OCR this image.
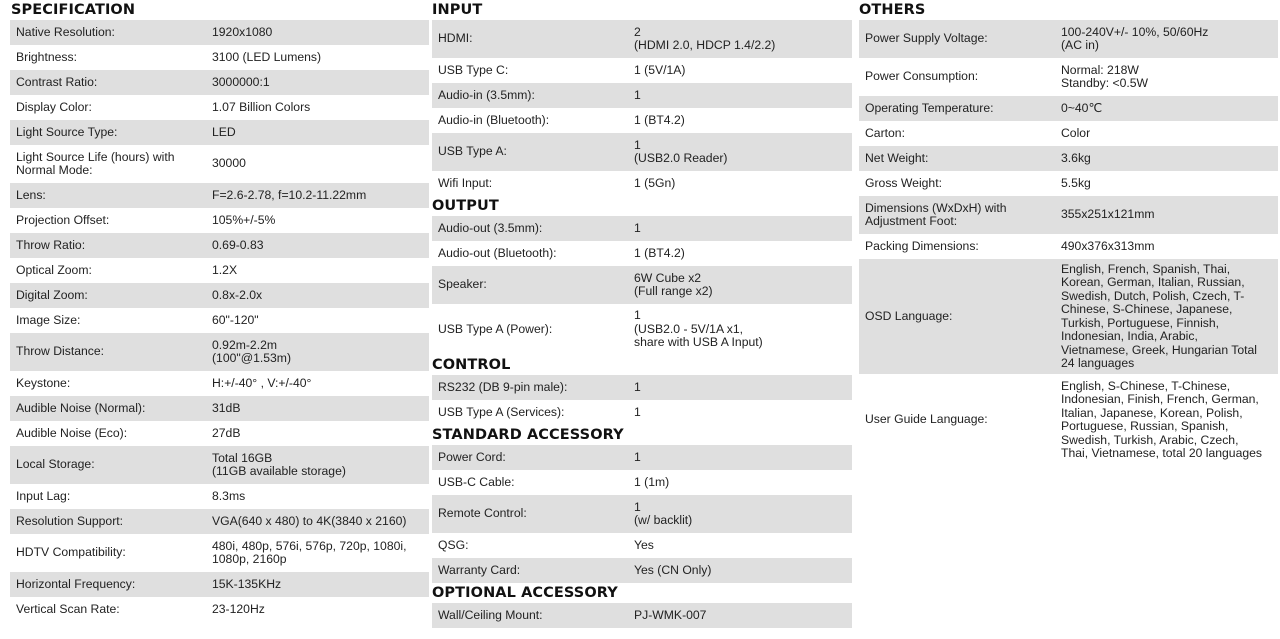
SPECIFICATION
Native Resolution:	1920x1080
Brightness:	3100 (LED Lumens)
Contrast Ratio:	3000000:1
Display Color:	1.07 Billion Colors
Light Source Type:	LED
Light Source Life (hours) with
Normal Mode:	30000
Lens:	F=2.6-2.78, f=10.2-11.22mm
Projection Offset:	105%+/-5%
Throw Ratio:	0.69-0.83
Optical Zoom:	1.2X
Digital Zoom:	0.8x-2.0x
Image Size:	60"-120"
Throw Distance:	0.92m-2.2m
(100"@1.53m)
Keystone:	H:+/-40° , V:+/-40°
Audible Noise (Normal):	31dB
Audible Noise (Eco):	27dB
Local Storage:	Total 16GB
(11GB available storage)
Input Lag:	8.3ms
Resolution Support:	VGA(640 x 480) to 4K(3840 x 2160)
HDTV Compatibility:	480i, 480p, 576i, 576p, 720p, 1080i,
1080p, 2160p
Horizontal Frequency:	15K-135KHz
Vertical Scan Rate:	23-120Hz
INPUT
HDMI:	2
(HDMI 2.0, HDCP 1.4/2.2)
USB Type C:	1 (5V/1A)
Audio-in (3.5mm):	1
Audio-in (Bluetooth):	1 (BT4.2)
USB Type A:	1
(USB2.0 Reader)
Wifi Input:	1 (5Gn)
OUTPUT
Audio-out (3.5mm):	1
Audio-out (Bluetooth):	1 (BT4.2)
Speaker:	6W Cube x2
(Full range x2)
USB Type A (Power):
1
(USB2.0 - 5V/1A x1,
share with USB A Input)
CONTROL
RS232 (DB 9-pin male):	1
USB Type A (Services):	1
STANDARD ACCESSORY
Power Cord:	1
USB-C Cable:	1 (1m)
Remote Control:	1
(w/ backlit)
QSG:	Yes
Warranty Card:	Yes (CN Only)
OPTIONAL ACCESSORY
Wall/Ceiling Mount:	PJ-WMK-007
OTHERS
Power Supply Voltage:	100-240V+/- 10%, 50/60Hz
(AC in)
Power Consumption:	Normal: 218W
Standby: <0.5W
Operating Temperature:	0~40℃
Carton:	Color
Net Weight:	3.6kg
Gross Weight:	5.5kg
Dimensions (WxDxH) with
Adjustment Foot:	355x251x121mm
Packing Dimensions:	490x376x313mm
OSD Language:
English, French, Spanish, Thai,
Korean, German, Italian, Russian,
Swedish, Dutch, Polish, Czech, T-
Chinese, S-Chinese, Japanese,
Turkish, Portuguese, Finnish,
Indonesian, India, Arabic,
Vietnamese, Greek, Hungarian Total
24 languages
User Guide Language:
English, S-Chinese, T-Chinese,
Indonesian, Finish, French, German,
Italian, Japanese, Korean, Polish,
Portuguese, Russian, Spanish,
Swedish, Turkish, Arabic, Czech,
Thai, Vietnamese, total 20 languages
